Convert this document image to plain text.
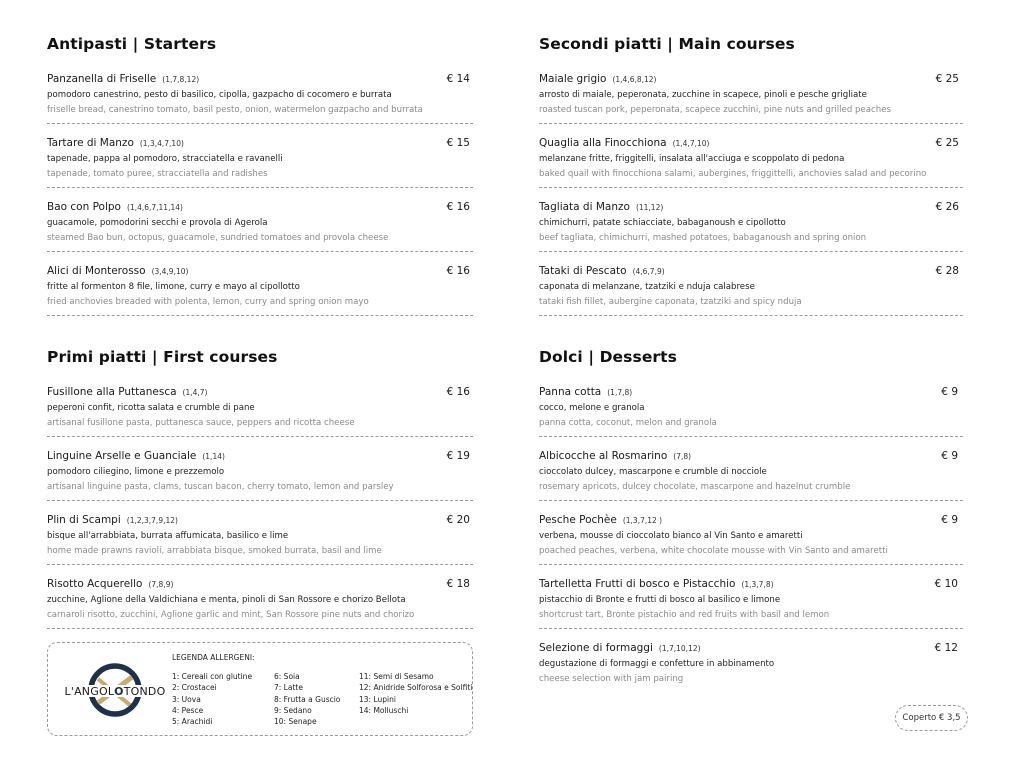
Antipasti | Starters
Panzanella di Friselle (1,7,8,12)	€ 14
pomodoro canestrino, pesto di basilico, cipolla, gazpacho di cocomero e burrata
friselle bread, canestrino tomato, basil pesto, onion, watermelon gazpacho and burrata
Tartare di Manzo (1,3,4,7,10)	€ 15
tapenade, pappa al pomodoro, stracciatella e ravanelli
tapenade, tomato puree, stracciatella and radishes
Bao con Polpo (1,4,6,7,11,14)	€ 16
guacamole, pomodorini secchi e provola di Agerola
steamed Bao bun, octopus, guacamole, sundried tomatoes and provola cheese
Alici di Monterosso (3,4,9,10)	€ 16
fritte al formenton 8 file, limone, curry e mayo al cipollotto
fried anchovies breaded with polenta, lemon, curry and spring onion mayo
Secondi piatti | Main courses
Maiale grigio (1,4,6,8,12)	€ 25
arrosto di maiale, peperonata, zucchine in scapece, pinoli e pesche grigliate
roasted tuscan pork, peperonata, scapece zucchini, pine nuts and grilled peaches
Quaglia alla Finocchiona (1,4,7,10)	€ 25
melanzane fritte, friggitelli, insalata all'acciuga e scoppolato di pedona
baked quail with finocchiona salami, aubergines, friggittelli, anchovies salad and pecorino
Tagliata di Manzo (11,12)	€ 26
chimichurri, patate schiacciate, babaganoush e cipollotto
beef tagliata, chimichurri, mashed potatoes, babaganoush and spring onion
Tataki di Pescato (4,6,7,9)	€ 28
caponata di melanzane, tzatziki e nduja calabrese
tataki fish fillet, aubergine caponata, tzatziki and spicy nduja
Primi piatti | First courses
Fusillone alla Puttanesca (1,4,7)	€ 16
peperoni confit, ricotta salata e crumble di pane
artisanal fusillone pasta, puttanesca sauce, peppers and ricotta cheese
Linguine Arselle e Guanciale (1,14)	€ 19
pomodoro ciliegino, limone e prezzemolo
artisanal linguine pasta, clams, tuscan bacon, cherry tomato, lemon and parsley
Plin di Scampi (1,2,3,7,9,12)	€ 20
bisque all'arrabbiata, burrata affumicata, basilico e lime
home made prawns ravioli, arrabbiata bisque, smoked burrata, basil and lime
Risotto Acquerello (7,8,9)	€ 18
zucchine, Aglione della Valdichiana e menta, pinoli di San Rossore e chorizo Bellota
carnaroli risotto, zucchini, Aglione garlic and mint, San Rossore pine nuts and chorizo
Dolci | Desserts
Panna cotta (1,7,8)	€ 9
cocco, melone e granola
panna cotta, coconut, melon and granola
Albicocche al Rosmarino (7,8)	€ 9
cioccolato dulcey, mascarpone e crumble di nocciole
rosemary apricots, dulcey chocolate, mascarpone and hazelnut crumble
Pesche Pochèe (1,3,7,12 )	€ 9
verbena, mousse di cioccolato bianco al Vin Santo e amaretti
poached peaches, verbena, white chocolate mousse with Vin Santo and amaretti
Tartelletta Frutti di bosco e Pistacchio (1,3,7,8)	€ 10
pistacchio di Bronte e frutti di bosco al basilico e limone
shortcrust tart, Bronte pistachio and red fruits with basil and lemon
Selezione di formaggi (1,7,10,12)	€ 12
degustazione di formaggi e confetture in abbinamento
cheese selection with jam pairing
L'ANGOLOTONDO
LEGENDA ALLERGENI:
1: Cereali con glutine
2: Crostacei
3: Uova
4: Pesce
5: Arachidi
6: Soia
7: Latte
8: Frutta a Guscio
9: Sedano
10: Senape
11: Semi di Sesamo
12: Anidride Solforosa e Solfiti
13: Lupini
14: Molluschi
Coperto € 3,5
